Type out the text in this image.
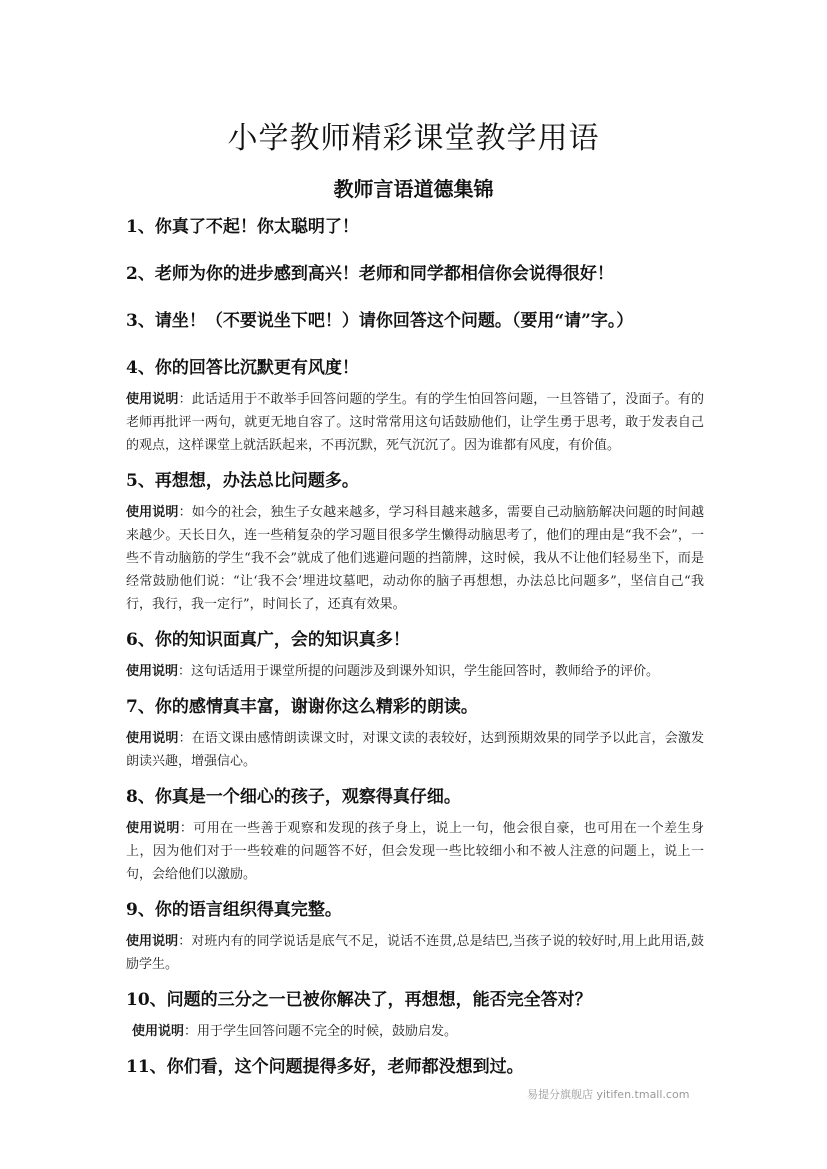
小学教师精彩课堂教学用语
教师言语道德集锦

1、你真了不起！你太聪明了！

2、老师为你的进步感到高兴！老师和同学都相信你会说得很好！

3、请坐！（不要说坐下吧！）请你回答这个问题。（要用“请”字。）

4、你的回答比沉默更有风度！

使用说明：此话适用于不敢举手回答问题的学生。有的学生怕回答问题，一旦答错了，没面子。有的老师再批评一两句，就更无地自容了。这时常常用这句话鼓励他们，让学生勇于思考，敢于发表自己的观点，这样课堂上就活跃起来，不再沉默，死气沉沉了。因为谁都有风度，有价值。

5、再想想，办法总比问题多。

使用说明：如今的社会，独生子女越来越多，学习科目越来越多，需要自己动脑筋解决问题的时间越来越少。天长日久，连一些稍复杂的学习题目很多学生懒得动脑思考了，他们的理由是“我不会”，一些不肯动脑筋的学生“我不会”就成了他们逃避问题的挡箭牌，这时候，我从不让他们轻易坐下，而是经常鼓励他们说：“让‘我不会’埋进坟墓吧，动动你的脑子再想想，办法总比问题多”，坚信自己“我行，我行，我一定行”，时间长了，还真有效果。

6、你的知识面真广，会的知识真多！

使用说明：这句话适用于课堂所提的问题涉及到课外知识，学生能回答时，教师给予的评价。

7、你的感情真丰富，谢谢你这么精彩的朗读。

使用说明：在语文课由感情朗读课文时，对课文读的表较好，达到预期效果的同学予以此言，会激发朗读兴趣，增强信心。

8、你真是一个细心的孩子，观察得真仔细。

使用说明：可用在一些善于观察和发现的孩子身上，说上一句，他会很自豪，也可用在一个差生身上，因为他们对于一些较难的问题答不好，但会发现一些比较细小和不被人注意的问题上，说上一句，会给他们以激励。

9、你的语言组织得真完整。

使用说明：对班内有的同学说话是底气不足，说话不连贯,总是结巴,当孩子说的较好时,用上此用语,鼓励学生。

10、问题的三分之一已被你解决了，再想想，能否完全答对？

使用说明：用于学生回答问题不完全的时候，鼓励启发。

11、你们看，这个问题提得多好，老师都没想到过。

易提分旗舰店 yitifen.tmall.com
